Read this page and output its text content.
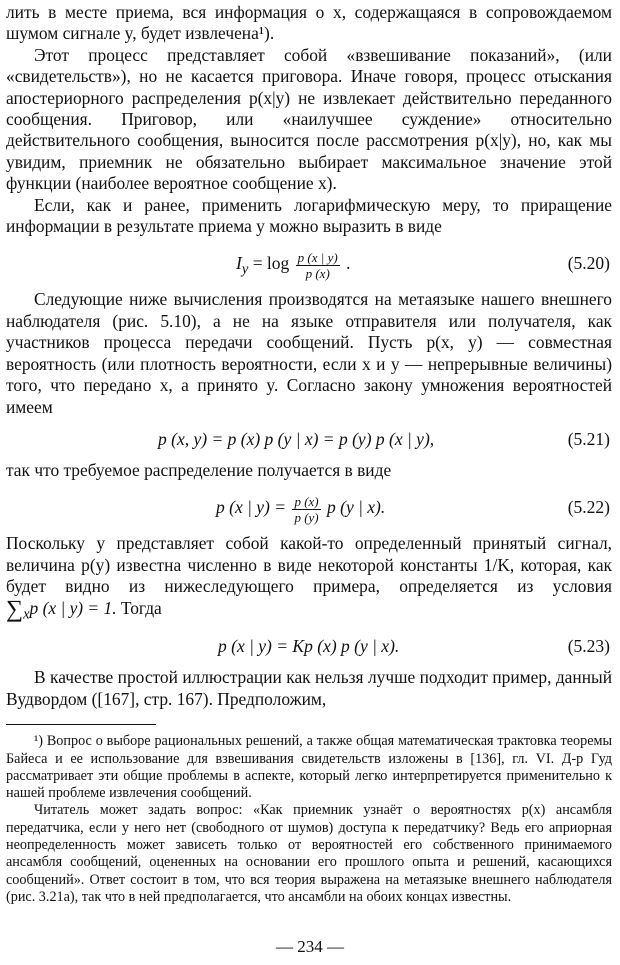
лить в месте приема, вся информация о x, содержащаяся в сопровождаемом шумом сигнале y, будет извлечена¹).

Этот процесс представляет собой «взвешивание показаний», (или «свидетельств»), но не касается приговора. Иначе говоря, процесс отыскания апостериорного распределения p(x|y) не извлекает действительно переданного сообщения. Приговор, или «наилучшее суждение» относительно действительного сообщения, выносится после рассмотрения p(x|y), но, как мы увидим, приемник не обязательно выбирает максимальное значение этой функции (наиболее вероятное сообщение x).

Если, как и ранее, применить логарифмическую меру, то приращение информации в результате приема y можно выразить в виде

$I_y = \log \frac{p (x | y)}{p (x)}$ .	(5.20)

Следующие ниже вычисления производятся на метаязыке нашего внешнего наблюдателя (рис. 5.10), а не на языке отправителя или получателя, как участников процесса передачи сообщений. Пусть p(x, y) — совместная вероятность (или плотность вероятности, если x и y — непрерывные величины) того, что передано x, а принято y. Согласно закону умножения вероятностей имеем

p (x, y) = p (x) p (y | x) = p (y) p (x | y),	(5.21)

так что требуемое распределение получается в виде

p (x | $y) = \frac{p (x)}{p (y)}$ p (y | x).	(5.22)

Поскольку y представляет собой какой-то определенный принятый сигнал, величина p(y) известна численно в виде некоторой константы 1/K, которая, как будет видно из нижеследующего примера, определяется из условия $\sum_xp$ (x | y) = 1. Тогда

p (x | y) = Kp (x) p (y | x).	(5.23)

В качестве простой иллюстрации как нельзя лучше подходит пример, данный Вудвордом ([167], стр. 167). Предположим,

¹) Вопрос о выборе рациональных решений, а также общая математическая трактовка теоремы Байеса и ее использование для взвешивания свидетельств изложены в [136], гл. VI. Д-р Гуд рассматривает эти общие проблемы в аспекте, который легко интерпретируется применительно к нашей проблеме извлечения сообщений.

Читатель может задать вопрос: «Как приемник узнаёт о вероятностях p(x) ансамбля передатчика, если у него нет (свободного от шумов) доступа к передатчику? Ведь его априорная неопределенность может зависеть только от вероятностей его собственного принимаемого ансамбля сообщений, оцененных на основании его прошлого опыта и решений, касающихся сообщений». Ответ состоит в том, что вся теория выражена на метаязыке внешнего наблюдателя (рис. 3.21а), так что в ней предполагается, что ансамбли на обоих концах известны.

— 234 —
